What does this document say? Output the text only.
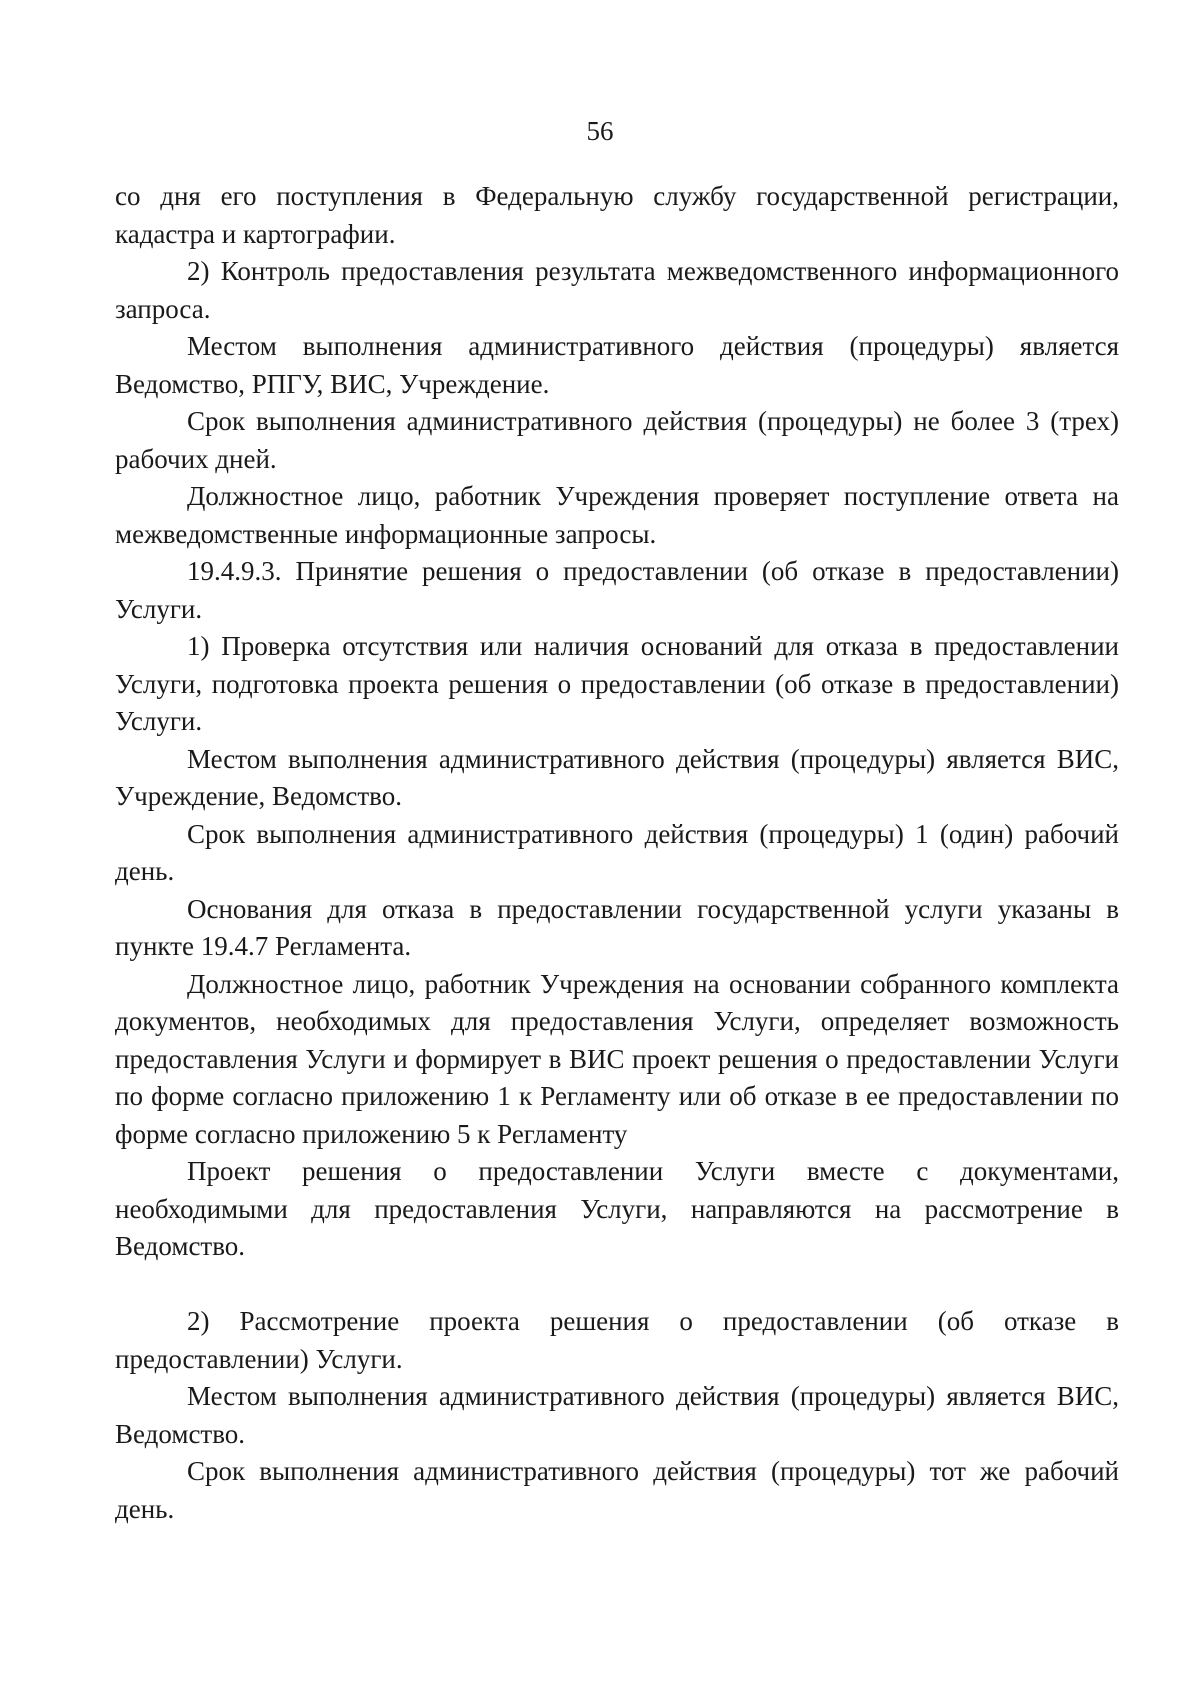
56

со дня его поступления в Федеральную службу государственной регистрации, кадастра и картографии.

2) Контроль предоставления результата межведомственного информационного запроса.

Местом выполнения административного действия (процедуры) является Ведомство, РПГУ, ВИС, Учреждение.

Срок выполнения административного действия (процедуры) не более 3 (трех) рабочих дней.

Должностное лицо, работник Учреждения проверяет поступление ответа на межведомственные информационные запросы.

19.4.9.3. Принятие решения о предоставлении (об отказе в предоставлении) Услуги.

1) Проверка отсутствия или наличия оснований для отказа в предоставлении Услуги, подготовка проекта решения о предоставлении (об отказе в предоставлении) Услуги.

Местом выполнения административного действия (процедуры) является ВИС, Учреждение, Ведомство.

Срок выполнения административного действия (процедуры) 1 (один) рабочий день.

Основания для отказа в предоставлении государственной услуги указаны в пункте 19.4.7 Регламента.

Должностное лицо, работник Учреждения на основании собранного комплекта документов, необходимых для предоставления Услуги, определяет возможность предоставления Услуги и формирует в ВИС проект решения о предоставлении Услуги по форме согласно приложению 1 к Регламенту или об отказе в ее предоставлении по форме согласно приложению 5 к Регламенту

Проект решения о предоставлении Услуги вместе с документами, необходимыми для предоставления Услуги, направляются на рассмотрение в Ведомство.

2) Рассмотрение проекта решения о предоставлении (об отказе в предоставлении) Услуги.

Местом выполнения административного действия (процедуры) является ВИС, Ведомство.

Срок выполнения административного действия (процедуры) тот же рабочий день.
